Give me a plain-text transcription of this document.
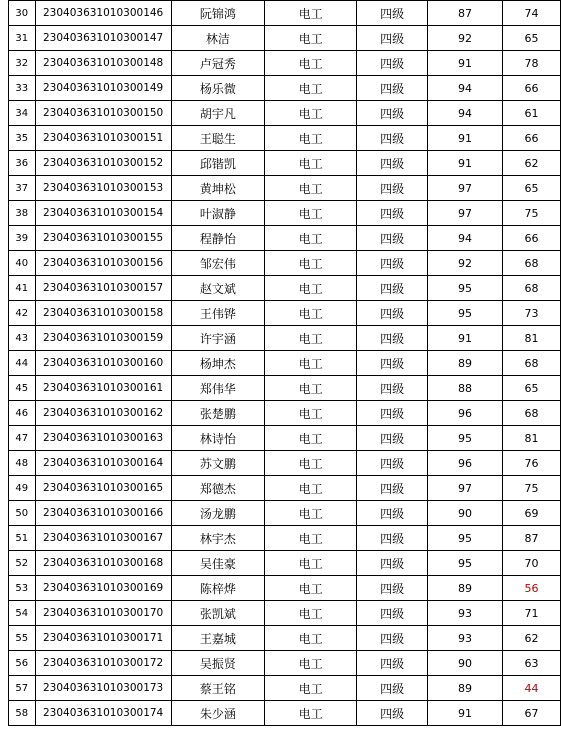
30	230403631010300146	阮锦鸿	电工	四级	87	74
31	230403631010300147	林洁	电工	四级	92	65
32	230403631010300148	卢冠秀	电工	四级	91	78
33	230403631010300149	杨乐微	电工	四级	94	66
34	230403631010300150	胡宇凡	电工	四级	94	61
35	230403631010300151	王聪生	电工	四级	91	66
36	230403631010300152	邱锴凯	电工	四级	91	62
37	230403631010300153	黄坤松	电工	四级	97	65
38	230403631010300154	叶淑静	电工	四级	97	75
39	230403631010300155	程静怡	电工	四级	94	66
40	230403631010300156	邹宏伟	电工	四级	92	68
41	230403631010300157	赵文斌	电工	四级	95	68
42	230403631010300158	王伟铧	电工	四级	95	73
43	230403631010300159	许宇涵	电工	四级	91	81
44	230403631010300160	杨坤杰	电工	四级	89	68
45	230403631010300161	郑伟华	电工	四级	88	65
46	230403631010300162	张楚鹏	电工	四级	96	68
47	230403631010300163	林诗怡	电工	四级	95	81
48	230403631010300164	苏文鹏	电工	四级	96	76
49	230403631010300165	郑德杰	电工	四级	97	75
50	230403631010300166	汤龙鹏	电工	四级	90	69
51	230403631010300167	林宇杰	电工	四级	95	87
52	230403631010300168	吴佳豪	电工	四级	95	70
53	230403631010300169	陈梓烨	电工	四级	89	56
54	230403631010300170	张凯斌	电工	四级	93	71
55	230403631010300171	王嘉城	电工	四级	93	62
56	230403631010300172	吴振贤	电工	四级	90	63
57	230403631010300173	蔡王铭	电工	四级	89	44
58	230403631010300174	朱少涵	电工	四级	91	67
